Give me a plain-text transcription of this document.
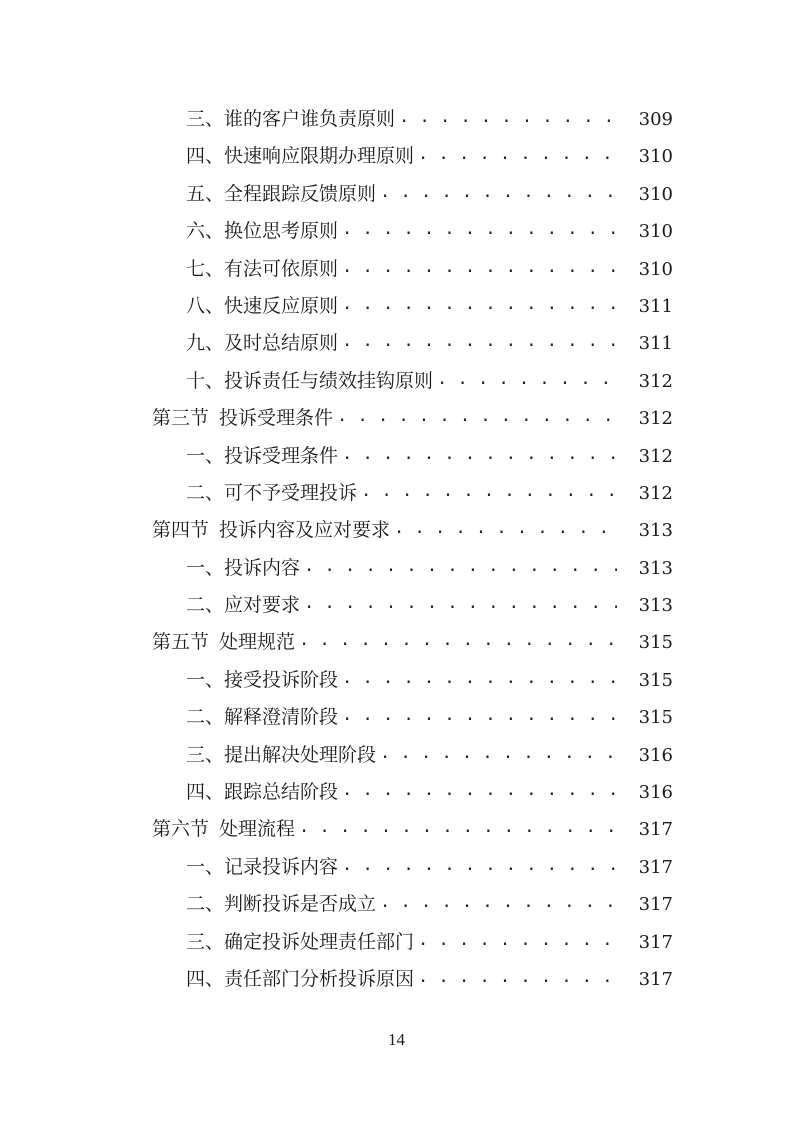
三、谁的客户谁负责原则 . . .	309
四、快速响应限期办理原则 . . .	310
五、全程跟踪反馈原则 . . .	310
六、换位思考原则 . . .	310
七、有法可依原则 . . .	310
八、快速反应原则 . . .	311
九、及时总结原则 . . .	311
十、投诉责任与绩效挂钩原则 . . .	312
第三节 投诉受理条件 . . .	312
一、投诉受理条件 . . .	312
二、可不予受理投诉 . . .	312
第四节 投诉内容及应对要求 . . .	313
一、投诉内容 . . .	313
二、应对要求 . . .	313
第五节 处理规范 . . .	315
一、接受投诉阶段 . . .	315
二、解释澄清阶段 . . .	315
三、提出解决处理阶段 . . .	316
四、跟踪总结阶段 . . .	316
第六节 处理流程 . . .	317
一、记录投诉内容 . . .	317
二、判断投诉是否成立 . . .	317
三、确定投诉处理责任部门 . . .	317
四、责任部门分析投诉原因 . . .	317
14
